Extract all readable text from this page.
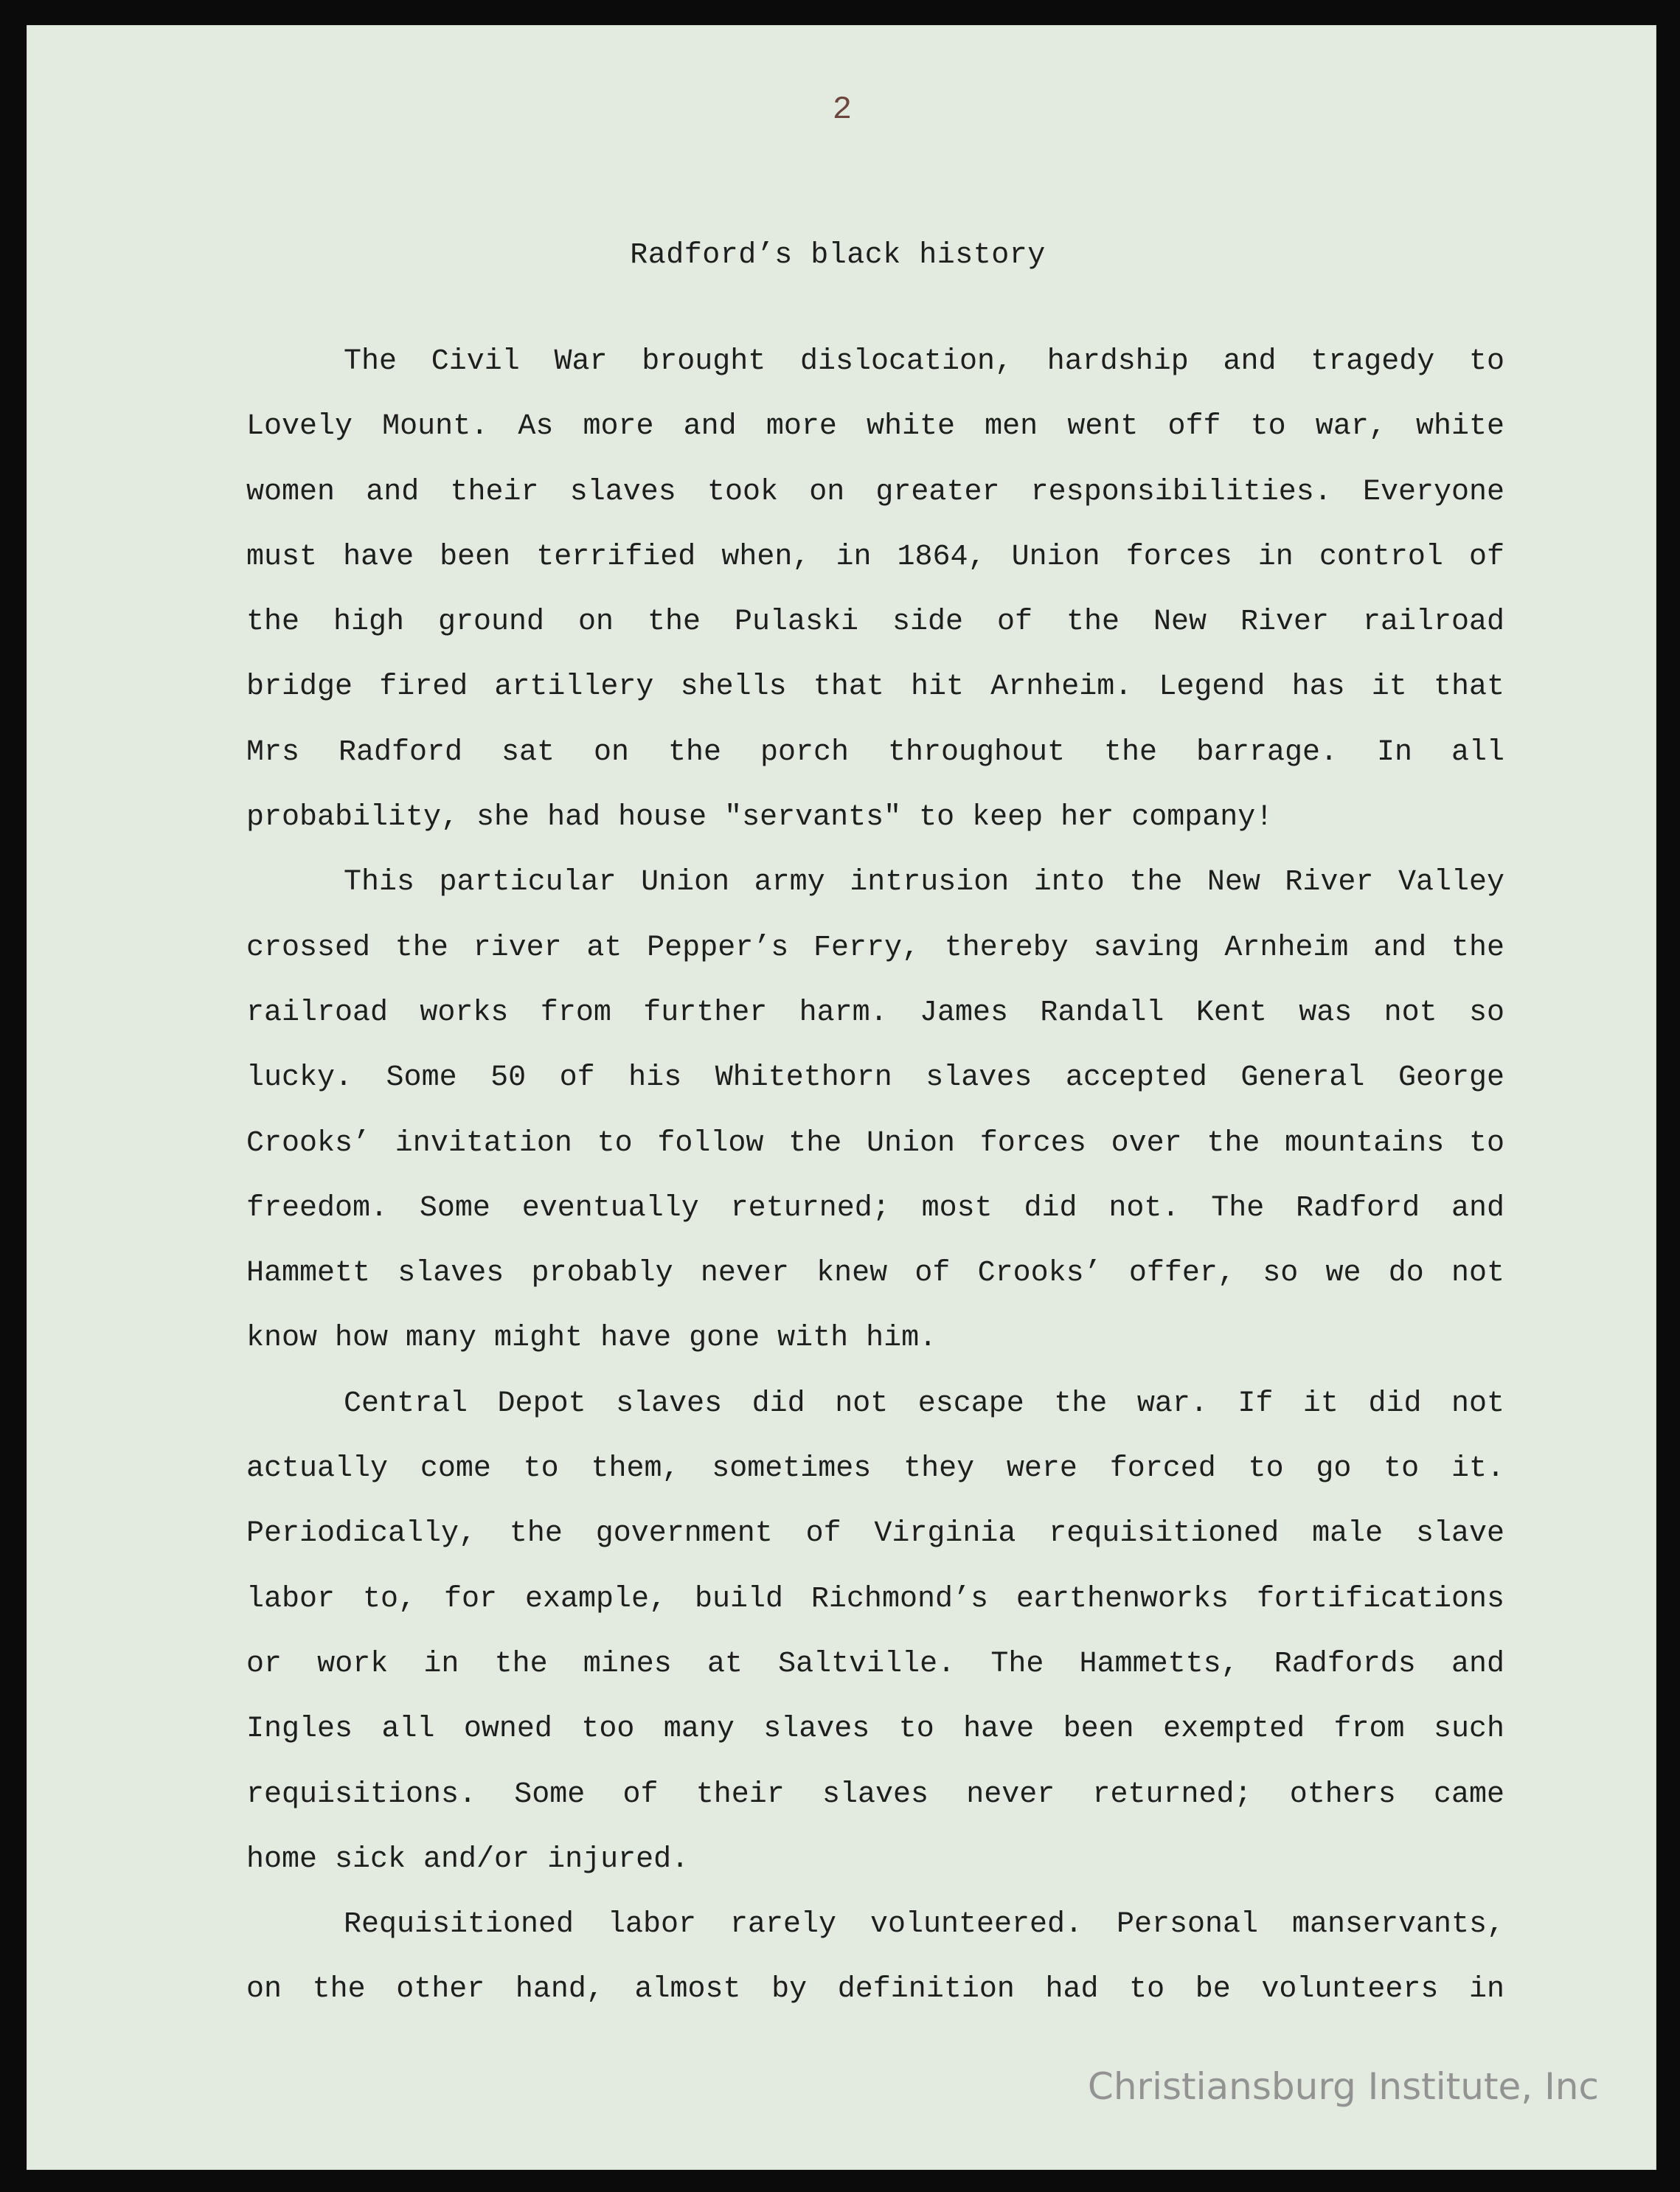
2
Radford’s black history
The Civil War brought dislocation, hardship and tragedy to
Lovely Mount. As more and more white men went off to war, white
women and their slaves took on greater responsibilities. Everyone
must have been terrified when, in 1864, Union forces in control of
the high ground on the Pulaski side of the New River railroad
bridge fired artillery shells that hit Arnheim. Legend has it that
Mrs Radford sat on the porch throughout the barrage. In all
probability, she had house "servants" to keep her company!
This particular Union army intrusion into the New River Valley
crossed the river at Pepper’s Ferry, thereby saving Arnheim and the
railroad works from further harm. James Randall Kent was not so
lucky. Some 50 of his Whitethorn slaves accepted General George
Crooks’ invitation to follow the Union forces over the mountains to
freedom. Some eventually returned; most did not. The Radford and
Hammett slaves probably never knew of Crooks’ offer, so we do not
know how many might have gone with him.
Central Depot slaves did not escape the war. If it did not
actually come to them, sometimes they were forced to go to it.
Periodically, the government of Virginia requisitioned male slave
labor to, for example, build Richmond’s earthenworks fortifications
or work in the mines at Saltville. The Hammetts, Radfords and
Ingles all owned too many slaves to have been exempted from such
requisitions. Some of their slaves never returned; others came
home sick and/or injured.
Requisitioned labor rarely volunteered. Personal manservants,
on the other hand, almost by definition had to be volunteers in
Christiansburg Institute, Inc
